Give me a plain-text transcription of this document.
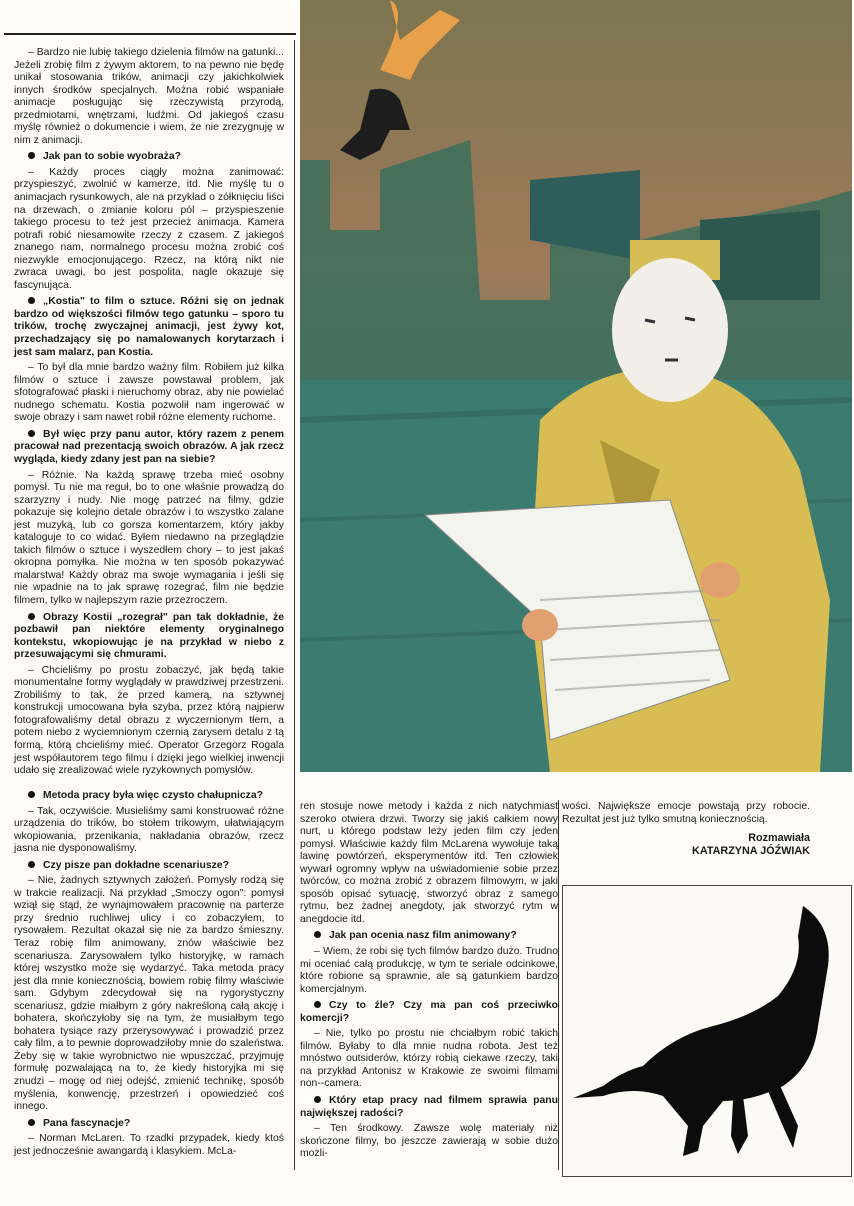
– Bardzo nie lubię takiego dzielenia filmów na gatunki... Jeżeli zrobię film z żywym aktorem, to na pewno nie będę unikał stosowania trików, animacji czy jakichkolwiek innych środków specjalnych. Można robić wspaniałe animacje posługując się rzeczywistą przyrodą, przedmiotami, wnętrzami, ludźmi. Od jakiegoś czasu myślę również o dokumencie i wiem, że nie zrezygnuję w nim z animacji.

Jak pan to sobie wyobraża?

– Każdy proces ciągły można zanimować: przyspieszyć, zwolnić w kamerze, itd. Nie myślę tu o animacjach rysunkowych, ale na przykład o zółknięciu liści na drzewach, o zmianie koloru pól – przyspieszenie takiego procesu to też jest przecież animacja. Kamera potrafi robić niesamowite rzeczy z czasem. Z jakiegoś znanego nam, normalnego procesu można zrobić coś niezwykle emocjonującego. Rzecz, na którą nikt nie zwraca uwagi, bo jest pospolita, nagle okazuje się fascynująca.

„Kostia" to film o sztuce. Różni się on jednak bardzo od większości filmów tego gatunku – sporo tu trików, trochę zwyczajnej animacji, jest żywy kot, przechadzający się po namalowanych korytarzach i jest sam malarz, pan Kostia.

– To był dla mnie bardzo ważny film. Robiłem już kilka filmów o sztuce i zawsze powstawał problem, jak sfotografować płaski i nieruchomy obraz, aby nie powielać nudnego schematu. Kostia pozwolił nam ingerować w swoje obrazy i sam nawet robił różne elementy ruchome.

Był więc przy panu autor, który razem z penem pracował nad prezentacją swoich obrazów. A jak rzecz wygląda, kiedy zdany jest pan na siebie?

– Różnie. Na każdą sprawę trzeba mieć osobny pomysł. Tu nie ma reguł, bo to one właśnie prowadzą do szarzyzny i nudy. Nie mogę patrzeć na filmy, gdzie pokazuje się kolejno detale obrazów i to wszystko zalane jest muzyką, lub co gorsza komentarzem, który jakby kataloguje to co widać. Byłem niedawno na przeglądzie takich filmów o sztuce i wyszedłem chory – to jest jakaś okropna pomyłka. Nie można w ten sposób pokazywać malarstwa! Każdy obraz ma swoje wymagania i jeśli się nie wpadnie na to jak sprawę rozegrać, film nie będzie filmem, tylko w najlepszym razie przezroczem.

Obrazy Kostii „rozegrał" pan tak dokładnie, że pozbawił pan niektóre elementy oryginalnego kontekstu, wkopiowując je na przykład w niebo z przesuwającymi się chmurami.

– Chcieliśmy po prostu zobaczyć, jak będą takie monumentalne formy wyglądały w prawdziwej przestrzeni. Zrobiliśmy to tak, że przed kamerą, na sztywnej konstrukcji umocowana była szyba, przez którą najpierw fotografowaliśmy detal obrazu z wyczernionym tłem, a potem niebo z wyciemnionym czernią zarysem detalu z tą formą, którą chcieliśmy mieć. Operator Grzegorz Rogala jest współautorem tego filmu i dzięki jego wielkiej inwencji udało się zrealizować wiele ryzykownych pomysłów.

Metoda pracy była więc czysto chałupnicza?

– Tak, oczywiście. Musieliśmy sami konstruować różne urządzenia do trików, bo stołem trikowym, ułatwiającym wkopiowania, przenikania, nakładania obrazów, rzecz jasna nie dysponowaliśmy.

Czy pisze pan dokładne scenariusze?

– Nie, żadnych sztywnych założeń. Pomysły rodzą się w trakcie realizacji. Na przykład „Smoczy ogon": pomysł wziął się stąd, że wynajmowałem pracownię na parterze przy średnio ruchliwej ulicy i co zobaczyłem, to rysowałem. Rezultat okazał się nie za bardzo śmieszny. Teraz robię film animowany, znów właściwie bez scenariusza. Zarysowałem tylko historyjkę, w ramach której wszystko może się wydarzyć. Taka metoda pracy jest dla mnie koniecznością, bowiem robię filmy właściwie sam. Gdybym zdecydował się na rygorystyczny scenariusz, gdzie miałbym z góry nakreśloną całą akcję i bohatera, skończyłoby się na tym, że musiałbym tego bohatera tysiące razy przerysowywać i prowadzić przez cały film, a to pewnie doprowadziłoby mnie do szaleństwa. Żeby się w takie wyrobnictwo nie wpuszczać, przyjmuję formułę pozwalającą na to, że kiedy historyjka mi się znudzi – mogę od niej odejść, zmienić technikę, sposób myślenia, konwencję, przestrzeń i opowiedzieć coś innego.

Pana fascynacje?

– Norman McLaren. To rzadki przypadek, kiedy ktoś jest jednocześnie awangardą i klasykiem. McLa-

ren stosuje nowe metody i każda z nich natychmiast szeroko otwiera drzwi. Tworzy się jakiś całkiem nowy nurt, u którego podstaw leży jeden film czy jeden pomysł. Właściwie każdy film McLarena wywołuje taką lawinę powtórzeń, eksperymentów itd. Ten człowiek wywarł ogromny wpływ na uświadomienie sobie przez twórców, co można zrobić z obrazem filmowym, w jaki sposób opisać sytuację, stworzyć obraz z samego rytmu, bez żadnej anegdoty, jak stworzyć rytm w anegdocie itd.

Jak pan ocenia nasz film animowany?

– Wiem, że robi się tych filmów bardzo dużo. Trudno mi oceniać całą produkcję, w tym te seriale odcinkowe, które robione są sprawnie, ale są gatunkiem bardzo komercjalnym.

Czy to źle? Czy ma pan coś przeciwko komercji?

– Nie, tylko po prostu nie chciałbym robić takich filmów. Byłaby to dla mnie nudna robota. Jest też mnóstwo outsiderów, którzy robią ciekawe rzeczy, taki na przykład Antonisz w Krakowie ze swoimi filmami non--camera.

Który etap pracy nad filmem sprawia panu największej radości?

– Ten środkowy. Zawsze wolę materiały niż skończone filmy, bo jeszcze zawierają w sobie dużo możli-

wości. Największe emocje powstają przy robocie. Rezultat jest już tylko smutną koniecznością.

Rozmawiała
KATARZYNA JÓŹWIAK
